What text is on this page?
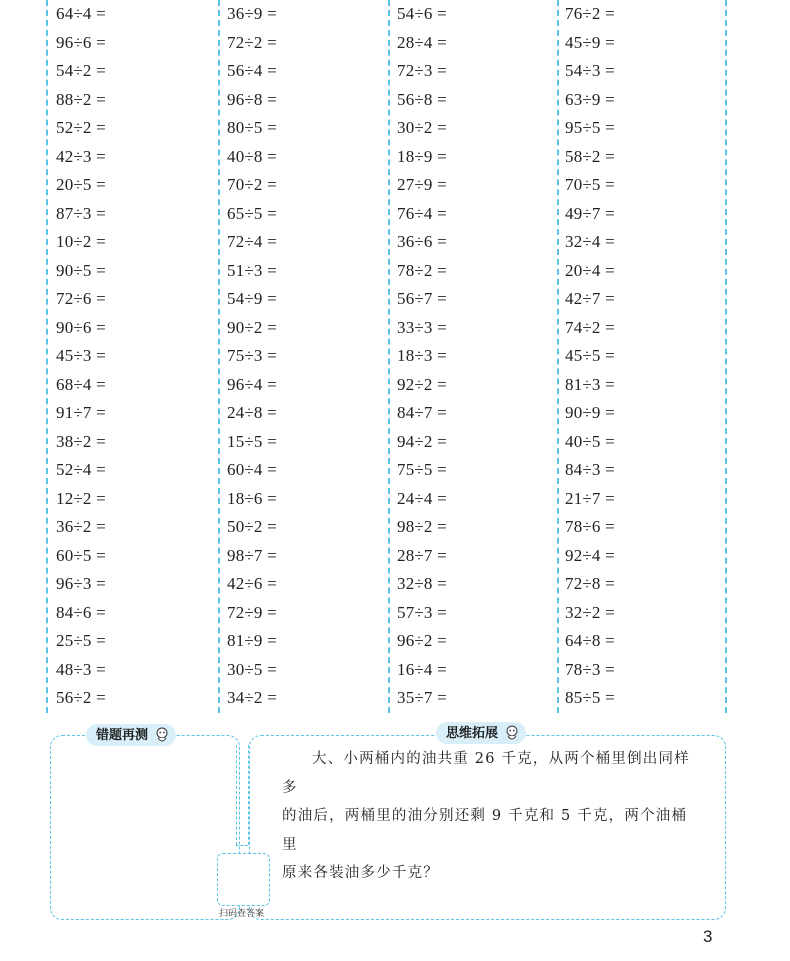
64÷4 =
96÷6 =
54÷2 =
88÷2 =
52÷2 =
42÷3 =
20÷5 =
87÷3 =
10÷2 =
90÷5 =
72÷6 =
90÷6 =
45÷3 =
68÷4 =
91÷7 =
38÷2 =
52÷4 =
12÷2 =
36÷2 =
60÷5 =
96÷3 =
84÷6 =
25÷5 =
48÷3 =
56÷2 =
36÷9 =
72÷2 =
56÷4 =
96÷8 =
80÷5 =
40÷8 =
70÷2 =
65÷5 =
72÷4 =
51÷3 =
54÷9 =
90÷2 =
75÷3 =
96÷4 =
24÷8 =
15÷5 =
60÷4 =
18÷6 =
50÷2 =
98÷7 =
42÷6 =
72÷9 =
81÷9 =
30÷5 =
34÷2 =
54÷6 =
28÷4 =
72÷3 =
56÷8 =
30÷2 =
18÷9 =
27÷9 =
76÷4 =
36÷6 =
78÷2 =
56÷7 =
33÷3 =
18÷3 =
92÷2 =
84÷7 =
94÷2 =
75÷5 =
24÷4 =
98÷2 =
28÷7 =
32÷8 =
57÷3 =
96÷2 =
16÷4 =
35÷7 =
76÷2 =
45÷9 =
54÷3 =
63÷9 =
95÷5 =
58÷2 =
70÷5 =
49÷7 =
32÷4 =
20÷4 =
42÷7 =
74÷2 =
45÷5 =
81÷3 =
90÷9 =
40÷5 =
84÷3 =
21÷7 =
78÷6 =
92÷4 =
72÷8 =
32÷2 =
64÷8 =
78÷3 =
85÷5 =
错题再测	思维拓展
扫码查答案
大、小两桶内的油共重 26 千克，从两个桶里倒出同样多
的油后，两桶里的油分别还剩 9 千克和 5 千克，两个油桶里
原来各装油多少千克？
3
